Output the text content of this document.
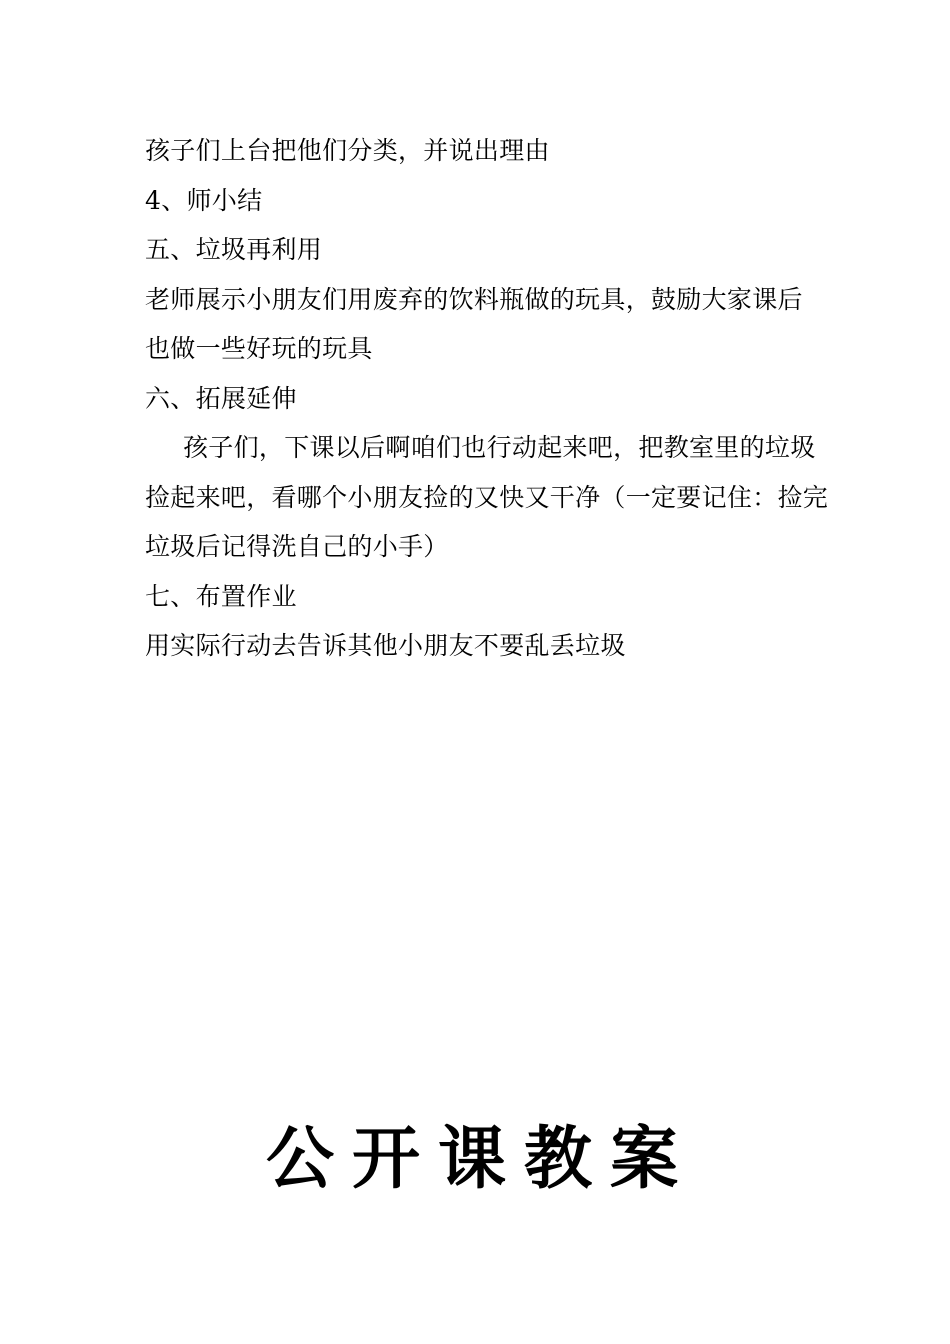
孩子们上台把他们分类，并说出理由
4、师小结
五、垃圾再利用
老师展示小朋友们用废弃的饮料瓶做的玩具，鼓励大家课后
也做一些好玩的玩具
六、拓展延伸
孩子们，下课以后啊咱们也行动起来吧，把教室里的垃圾
捡起来吧，看哪个小朋友捡的又快又干净（一定要记住：捡完
垃圾后记得洗自己的小手）
七、布置作业
用实际行动去告诉其他小朋友不要乱丢垃圾
公开课教案
